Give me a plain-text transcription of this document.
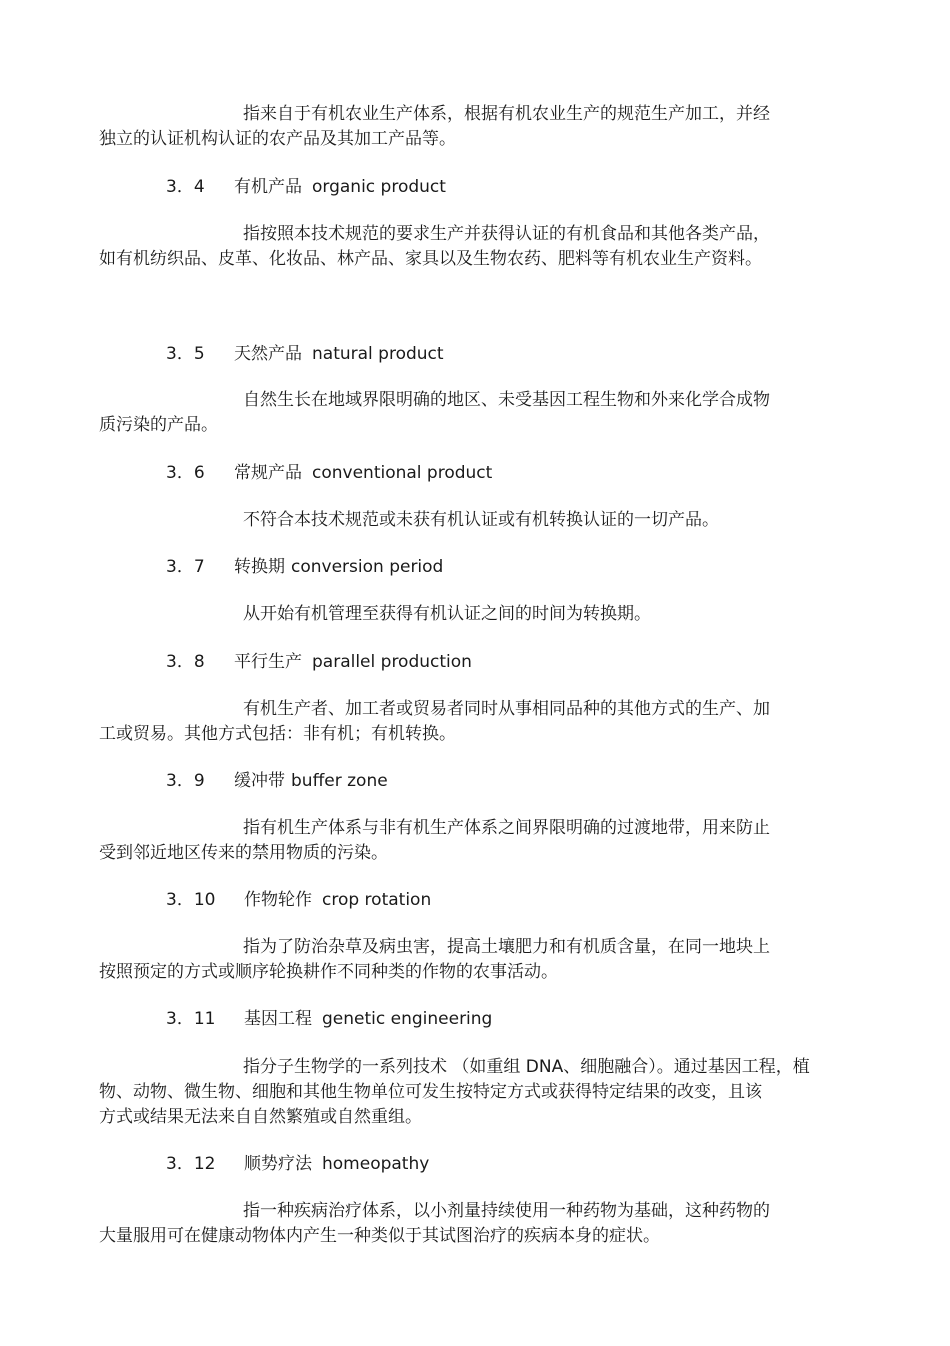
指来自于有机农业生产体系，根据有机农业生产的规范生产加工，并经
独立的认证机构认证的农产品及其加工产品等。
3．4 有机产品 organic product
指按照本技术规范的要求生产并获得认证的有机食品和其他各类产品，
如有机纺织品、皮革、化妆品、林产品、家具以及生物农药、肥料等有机农业生产资料。
3．5 天然产品 natural product
自然生长在地域界限明确的地区、未受基因工程生物和外来化学合成物
质污染的产品。
3．6 常规产品 conventional product
不符合本技术规范或未获有机认证或有机转换认证的一切产品。
3．7 转换期 conversion period
从开始有机管理至获得有机认证之间的时间为转换期。
3．8 平行生产 parallel production
有机生产者、加工者或贸易者同时从事相同品种的其他方式的生产、加
工或贸易。其他方式包括：非有机；有机转换。
3．9 缓冲带 buffer zone
指有机生产体系与非有机生产体系之间界限明确的过渡地带，用来防止
受到邻近地区传来的禁用物质的污染。
3．10 作物轮作 crop rotation
指为了防治杂草及病虫害，提高土壤肥力和有机质含量，在同一地块上
按照预定的方式或顺序轮换耕作不同种类的作物的农事活动。
3．11 基因工程 genetic engineering
指分子生物学的一系列技术 （如重组 DNA、细胞融合）。通过基因工程，植
物、动物、微生物、细胞和其他生物单位可发生按特定方式或获得特定结果的改变，且该
方式或结果无法来自自然繁殖或自然重组。
3．12 顺势疗法 homeopathy
指一种疾病治疗体系，以小剂量持续使用一种药物为基础，这种药物的
大量服用可在健康动物体内产生一种类似于其试图治疗的疾病本身的症状。
